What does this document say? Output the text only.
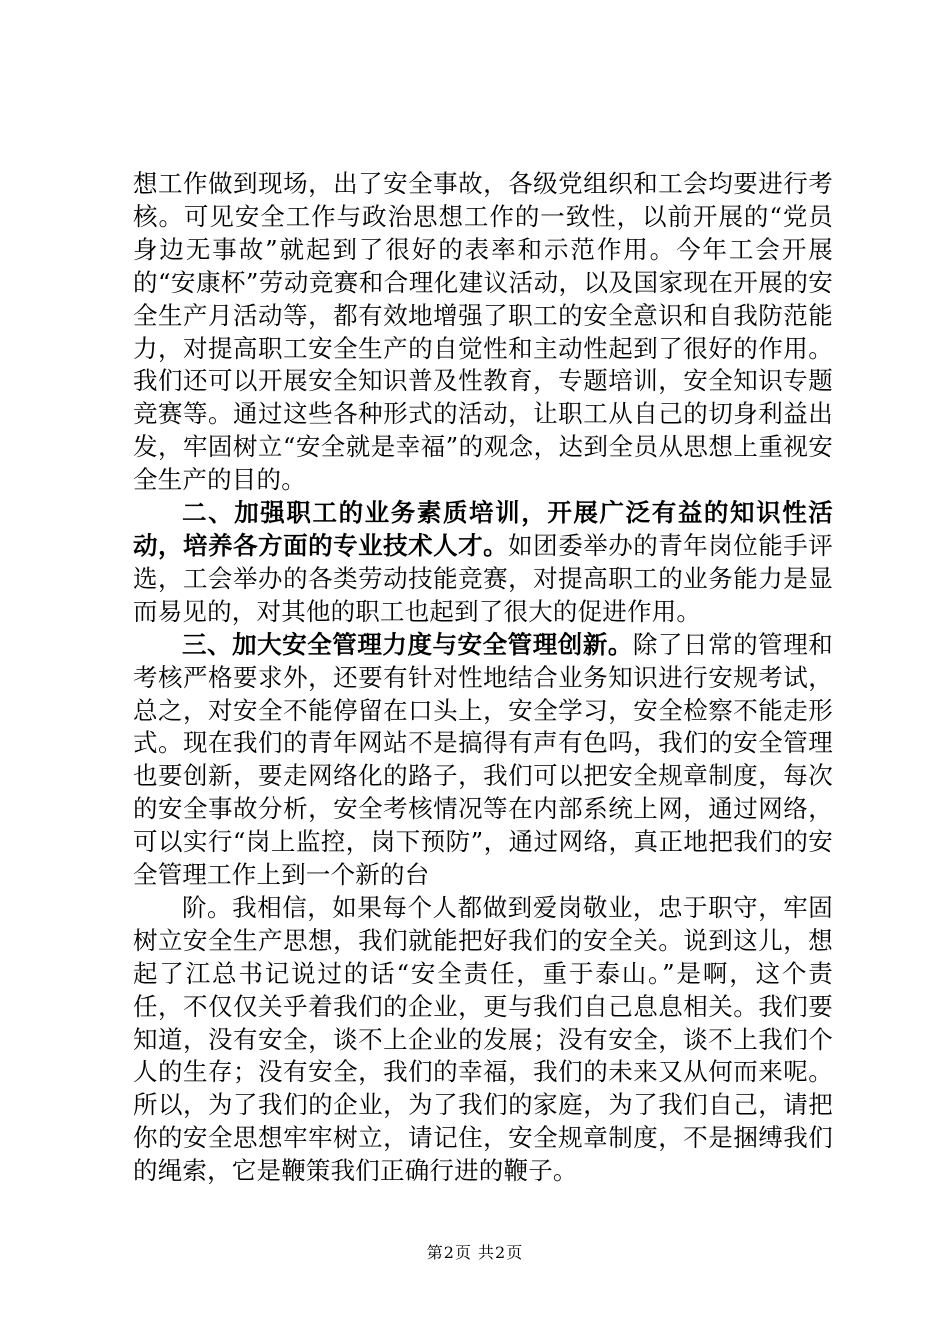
想工作做到现场，出了安全事故，各级党组织和工会均要进行考核。可见安全工作与政治思想工作的一致性，以前开展的“党员身边无事故”就起到了很好的表率和示范作用。今年工会开展的“安康杯”劳动竞赛和合理化建议活动，以及国家现在开展的安全生产月活动等，都有效地增强了职工的安全意识和自我防范能力，对提高职工安全生产的自觉性和主动性起到了很好的作用。我们还可以开展安全知识普及性教育，专题培训，安全知识专题竞赛等。通过这些各种形式的活动，让职工从自己的切身利益出发，牢固树立“安全就是幸福”的观念，达到全员从思想上重视安全生产的目的。

二、加强职工的业务素质培训，开展广泛有益的知识性活动，培养各方面的专业技术人才。如团委举办的青年岗位能手评选，工会举办的各类劳动技能竞赛，对提高职工的业务能力是显而易见的，对其他的职工也起到了很大的促进作用。

三、加大安全管理力度与安全管理创新。除了日常的管理和考核严格要求外，还要有针对性地结合业务知识进行安规考试，总之，对安全不能停留在口头上，安全学习，安全检察不能走形式。现在我们的青年网站不是搞得有声有色吗，我们的安全管理也要创新，要走网络化的路子，我们可以把安全规章制度，每次的安全事故分析，安全考核情况等在内部系统上网，通过网络，可以实行“岗上监控，岗下预防”，通过网络，真正地把我们的安全管理工作上到一个新的台

阶。我相信，如果每个人都做到爱岗敬业，忠于职守，牢固树立安全生产思想，我们就能把好我们的安全关。说到这儿，想起了江总书记说过的话“安全责任，重于泰山。”是啊，这个责任，不仅仅关乎着我们的企业，更与我们自己息息相关。我们要知道，没有安全，谈不上企业的发展；没有安全，谈不上我们个人的生存；没有安全，我们的幸福，我们的未来又从何而来呢。所以，为了我们的企业，为了我们的家庭，为了我们自己，请把你的安全思想牢牢树立，请记住，安全规章制度，不是捆缚我们的绳索，它是鞭策我们正确行进的鞭子。

第2页 共2页
